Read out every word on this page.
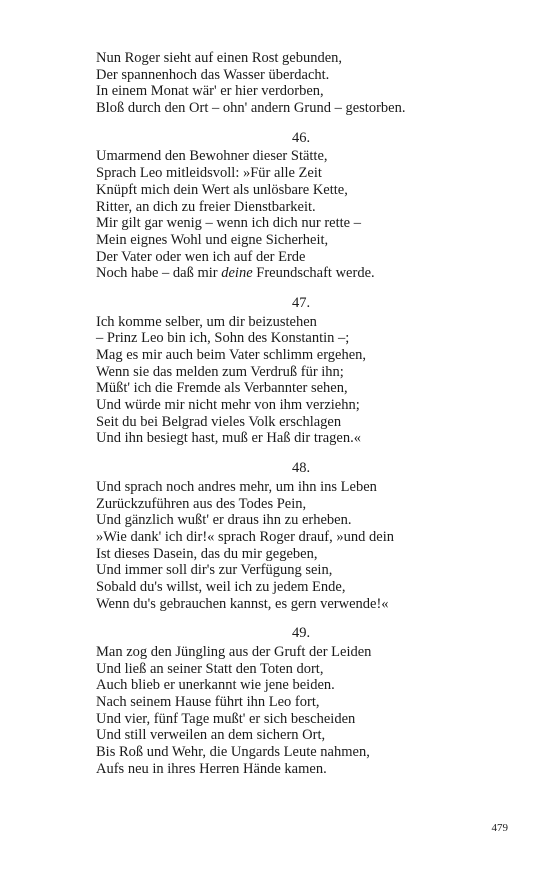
Nun Roger sieht auf einen Rost gebunden,
Der spannenhoch das Wasser überdacht.
In einem Monat wär' er hier verdorben,
Bloß durch den Ort – ohn' andern Grund – gestorben.
46.
Umarmend den Bewohner dieser Stätte,
Sprach Leo mitleidsvoll: »Für alle Zeit
Knüpft mich dein Wert als unlösbare Kette,
Ritter, an dich zu freier Dienstbarkeit.
Mir gilt gar wenig – wenn ich dich nur rette –
Mein eignes Wohl und eigne Sicherheit,
Der Vater oder wen ich auf der Erde
Noch habe – daß mir deine Freundschaft werde.
47.
Ich komme selber, um dir beizustehen
– Prinz Leo bin ich, Sohn des Konstantin –;
Mag es mir auch beim Vater schlimm ergehen,
Wenn sie das melden zum Verdruß für ihn;
Müßt' ich die Fremde als Verbannter sehen,
Und würde mir nicht mehr von ihm verziehn;
Seit du bei Belgrad vieles Volk erschlagen
Und ihn besiegt hast, muß er Haß dir tragen.«
48.
Und sprach noch andres mehr, um ihn ins Leben
Zurückzuführen aus des Todes Pein,
Und gänzlich wußt' er draus ihn zu erheben.
»Wie dank' ich dir!« sprach Roger drauf, »und dein
Ist dieses Dasein, das du mir gegeben,
Und immer soll dir's zur Verfügung sein,
Sobald du's willst, weil ich zu jedem Ende,
Wenn du's gebrauchen kannst, es gern verwende!«
49.
Man zog den Jüngling aus der Gruft der Leiden
Und ließ an seiner Statt den Toten dort,
Auch blieb er unerkannt wie jene beiden.
Nach seinem Hause führt ihn Leo fort,
Und vier, fünf Tage mußt' er sich bescheiden
Und still verweilen an dem sichern Ort,
Bis Roß und Wehr, die Ungards Leute nahmen,
Aufs neu in ihres Herren Hände kamen.
479
